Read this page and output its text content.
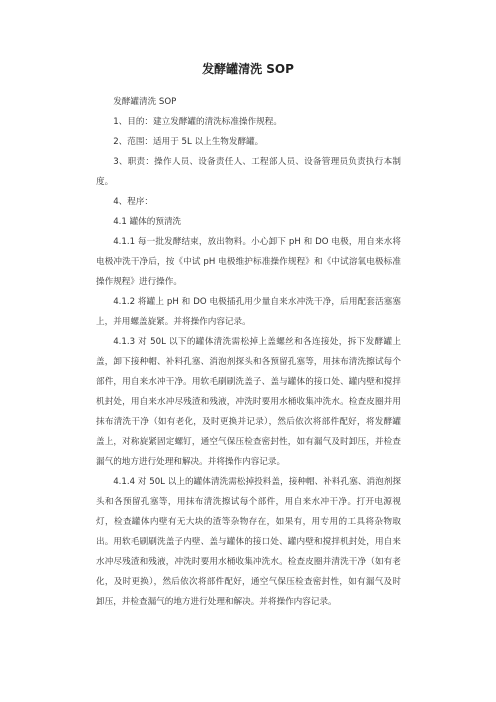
发酵罐清洗 SOP

发酵罐清洗 SOP

1、目的：建立发酵罐的清洗标准操作规程。

2、范围：适用于 5L 以上生物发酵罐。

3、职责：操作人员、设备责任人、工程部人员、设备管理员负责执行本制度。

4、程序：

4.1 罐体的预清洗

4.1.1 每一批发酵结束，放出物料。小心卸下 pH 和 DO 电极，用自来水将电极冲洗干净后，按《中试 pH 电极维护标准操作规程》和《中试溶氧电极标准操作规程》进行操作。

4.1.2 将罐上 pH 和 DO 电极插孔用少量自来水冲洗干净，后用配套活塞塞上，并用螺盖旋紧。并将操作内容记录。

4.1.3 对 50L 以下的罐体清洗需松掉上盖螺丝和各连接处，拆下发酵罐上盖，卸下接种帽、补料孔塞、消泡剂探头和各预留孔塞等，用抹布清洗擦试每个部件，用自来水冲干净。用软毛刷刷洗盖子、盖与罐体的接口处、罐内壁和搅拌机封处，用自来水冲尽残渣和残液，冲洗时要用水桶收集冲洗水。检查皮圈并用抹布清洗干净（如有老化，及时更换并记录），然后依次将部件配好，将发酵罐盖上，对称旋紧固定螺钉，通空气保压检查密封性，如有漏气及时卸压，并检查漏气的地方进行处理和解决。并将操作内容记录。

4.1.4 对 50L 以上的罐体清洗需松掉投料盖，接种帽、补料孔塞、消泡剂探头和各预留孔塞等，用抹布清洗擦试每个部件，用自来水冲干净。打开电源视灯，检查罐体内壁有无大块的渣等杂物存在，如果有，用专用的工具将杂物取出。用软毛刷刷洗盖子内壁、盖与罐体的接口处、罐内壁和搅拌机封处，用自来水冲尽残渣和残液，冲洗时要用水桶收集冲洗水。检查皮圈并清洗干净（如有老化，及时更换），然后依次将部件配好，通空气保压检查密封性，如有漏气及时卸压，并检查漏气的地方进行处理和解决。并将操作内容记录。
